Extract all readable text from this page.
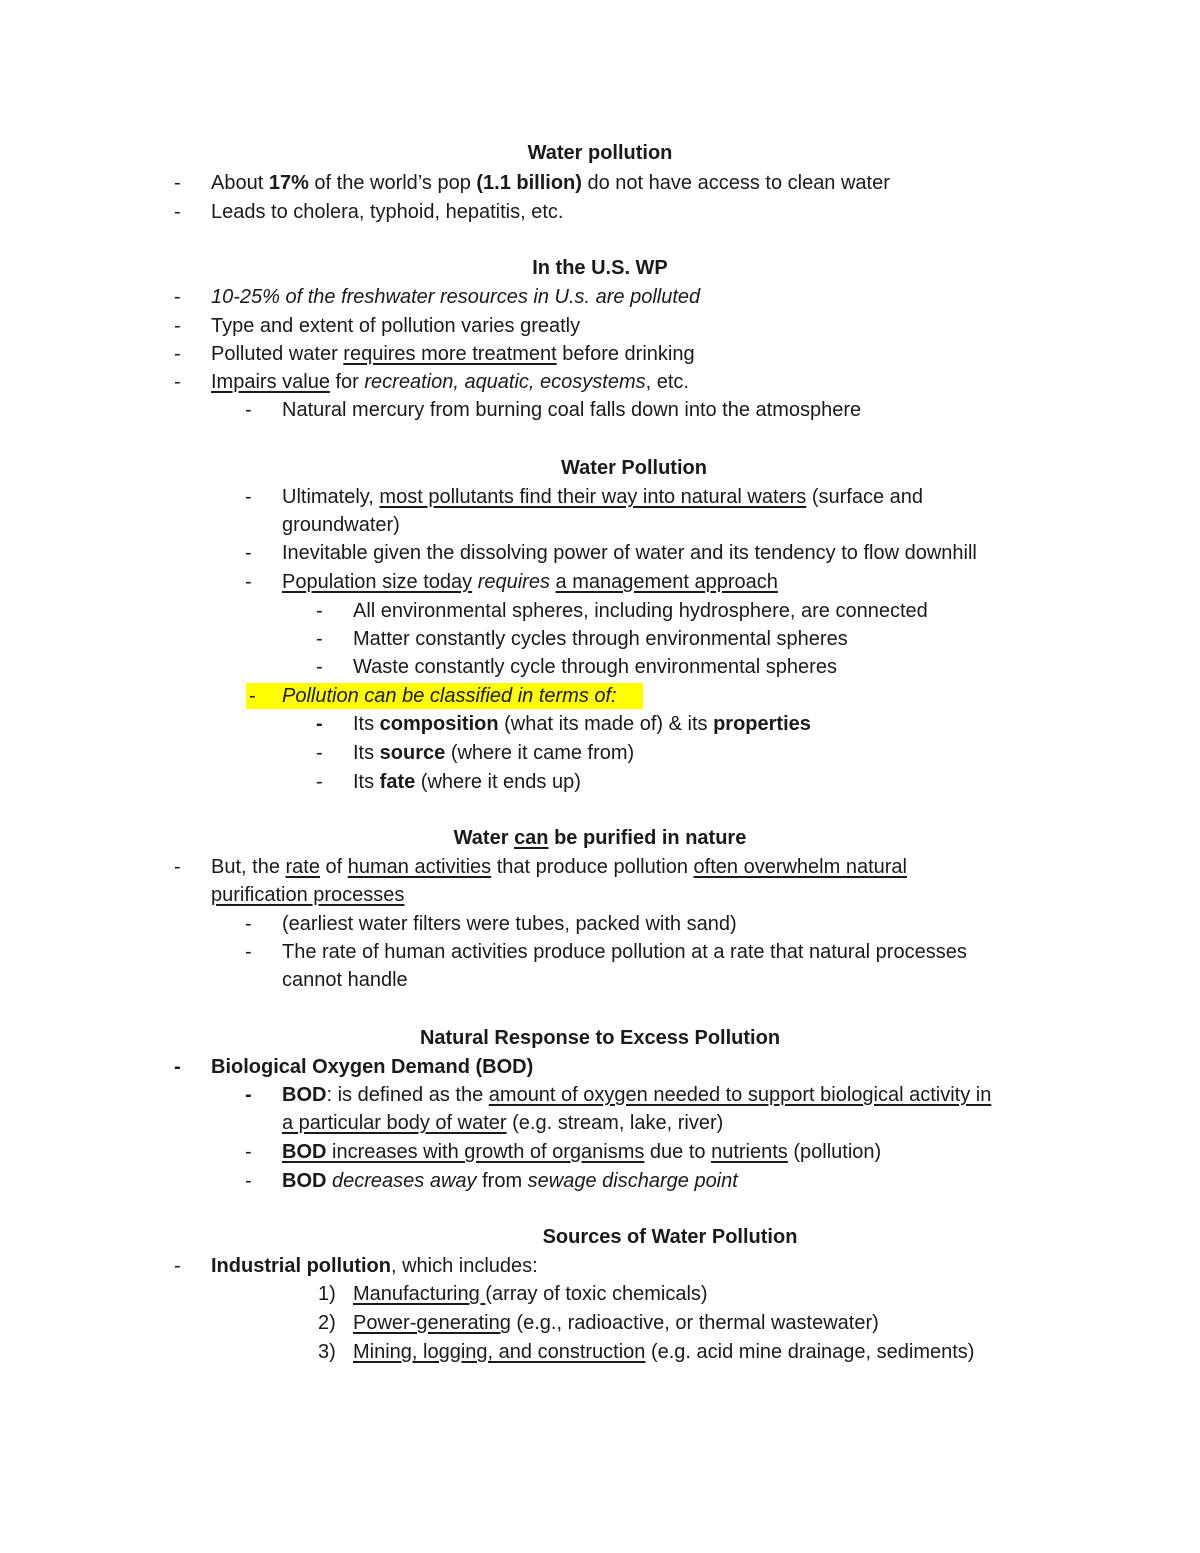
Water pollution
- About 17% of the world’s pop (1.1 billion) do not have access to clean water
- Leads to cholera, typhoid, hepatitis, etc.
In the U.S. WP
- 10-25% of the freshwater resources in U.s. are polluted
- Type and extent of pollution varies greatly
- Polluted water requires more treatment before drinking
- Impairs value for recreation, aquatic, ecosystems, etc.
- Natural mercury from burning coal falls down into the atmosphere
Water Pollution
- Ultimately, most pollutants find their way into natural waters (surface and
groundwater)
- Inevitable given the dissolving power of water and its tendency to flow downhill
- Population size today requires a management approach
- All environmental spheres, including hydrosphere, are connected
- Matter constantly cycles through environmental spheres
- Waste constantly cycle through environmental spheres
- Pollution can be classified in terms of:
- Its composition (what its made of) & its properties
- Its source (where it came from)
- Its fate (where it ends up)
Water can be purified in nature
- But, the rate of human activities that produce pollution often overwhelm natural
purification processes
- (earliest water filters were tubes, packed with sand)
- The rate of human activities produce pollution at a rate that natural processes
cannot handle
Natural Response to Excess Pollution
- Biological Oxygen Demand (BOD)
- BOD: is defined as the amount of oxygen needed to support biological activity in
a particular body of water (e.g. stream, lake, river)
- BOD increases with growth of organisms due to nutrients (pollution)
- BOD decreases away from sewage discharge point
Sources of Water Pollution
- Industrial pollution, which includes:
1) Manufacturing (array of toxic chemicals)
2) Power-generating (e.g., radioactive, or thermal wastewater)
3) Mining, logging, and construction (e.g. acid mine drainage, sediments)
